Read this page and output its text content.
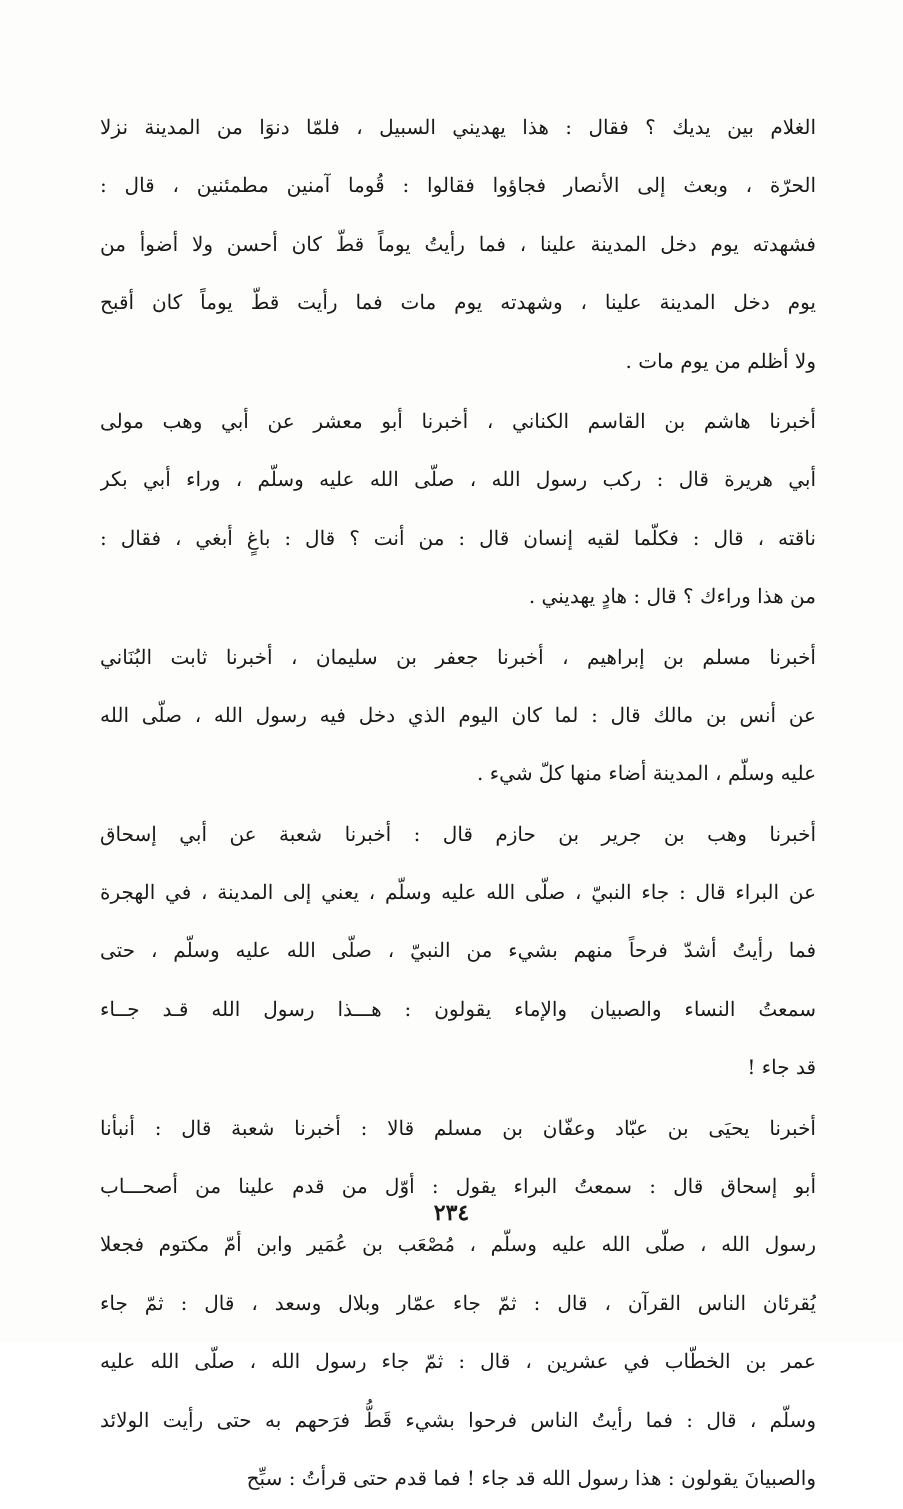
الغلام بين يديك ؟ فقال : هذا يهديني السبيل ، فلمّا دنوَا من المدينة نزلا
الحرّة ، وبعث إلى الأنصار فجاؤوا فقالوا : قُوما آمنين مطمئنين ، قال :
فشهدته يوم دخل المدينة علينا ، فما رأيتُ يوماً قطّ كان أحسن ولا أضوأ من
يوم دخل المدينة علينا ، وشهدته يوم مات فما رأيت قطّ يوماً كان أقبح
ولا أظلم من يوم مات .
أخبرنا هاشم بن القاسم الكناني ، أخبرنا أبو معشر عن أبي وهب مولى
أبي هريرة قال : ركب رسول الله ، صلّى الله عليه وسلّم ، وراء أبي بكر
ناقته ، قال : فكلّما لقيه إنسان قال : من أنت ؟ قال : باغٍ أبغي ، فقال :
من هذا وراءك ؟ قال : هادٍ يهديني .
أخبرنا مسلم بن إبراهيم ، أخبرنا جعفر بن سليمان ، أخبرنا ثابت البُنَاني
عن أنس بن مالك قال : لما كان اليوم الذي دخل فيه رسول الله ، صلّى الله
عليه وسلّم ، المدينة أضاء منها كلّ شيء .
أخبرنا وهب بن جرير بن حازم قال : أخبرنا شعبة عن أبي إسحاق
عن البراء قال : جاء النبيّ ، صلّى الله عليه وسلّم ، يعني إلى المدينة ، في الهجرة
فما رأيتُ أشدّ فرحاً منهم بشيء من النبيّ ، صلّى الله عليه وسلّم ، حتى
سمعتُ النساء والصبيان والإماء يقولون : هـــذا رسول الله قـد جــاء
قد جاء !
أخبرنا يحيَى بن عبّاد وعفّان بن مسلم قالا : أخبرنا شعبة قال : أنبأنا
أبو إسحاق قال : سمعتُ البراء يقول : أوّل من قدم علينا من أصحـــاب
رسول الله ، صلّى الله عليه وسلّم ، مُصْعَب بن عُمَير وابن أمّ مكتوم فجعلا
يُقرئان الناس القرآن ، قال : ثمّ جاء عمّار وبلال وسعد ، قال : ثمّ جاء
عمر بن الخطّاب في عشرين ، قال : ثمّ جاء رسول الله ، صلّى الله عليه
وسلّم ، قال : فما رأيتُ الناس فرحوا بشيء قَطُّ فرَحهم به حتى رأيت الولائد
والصبيانَ يقولون : هذا رسول الله قد جاء ! فما قدم حتى قرأتُ : سبِّح
٢٣٤
